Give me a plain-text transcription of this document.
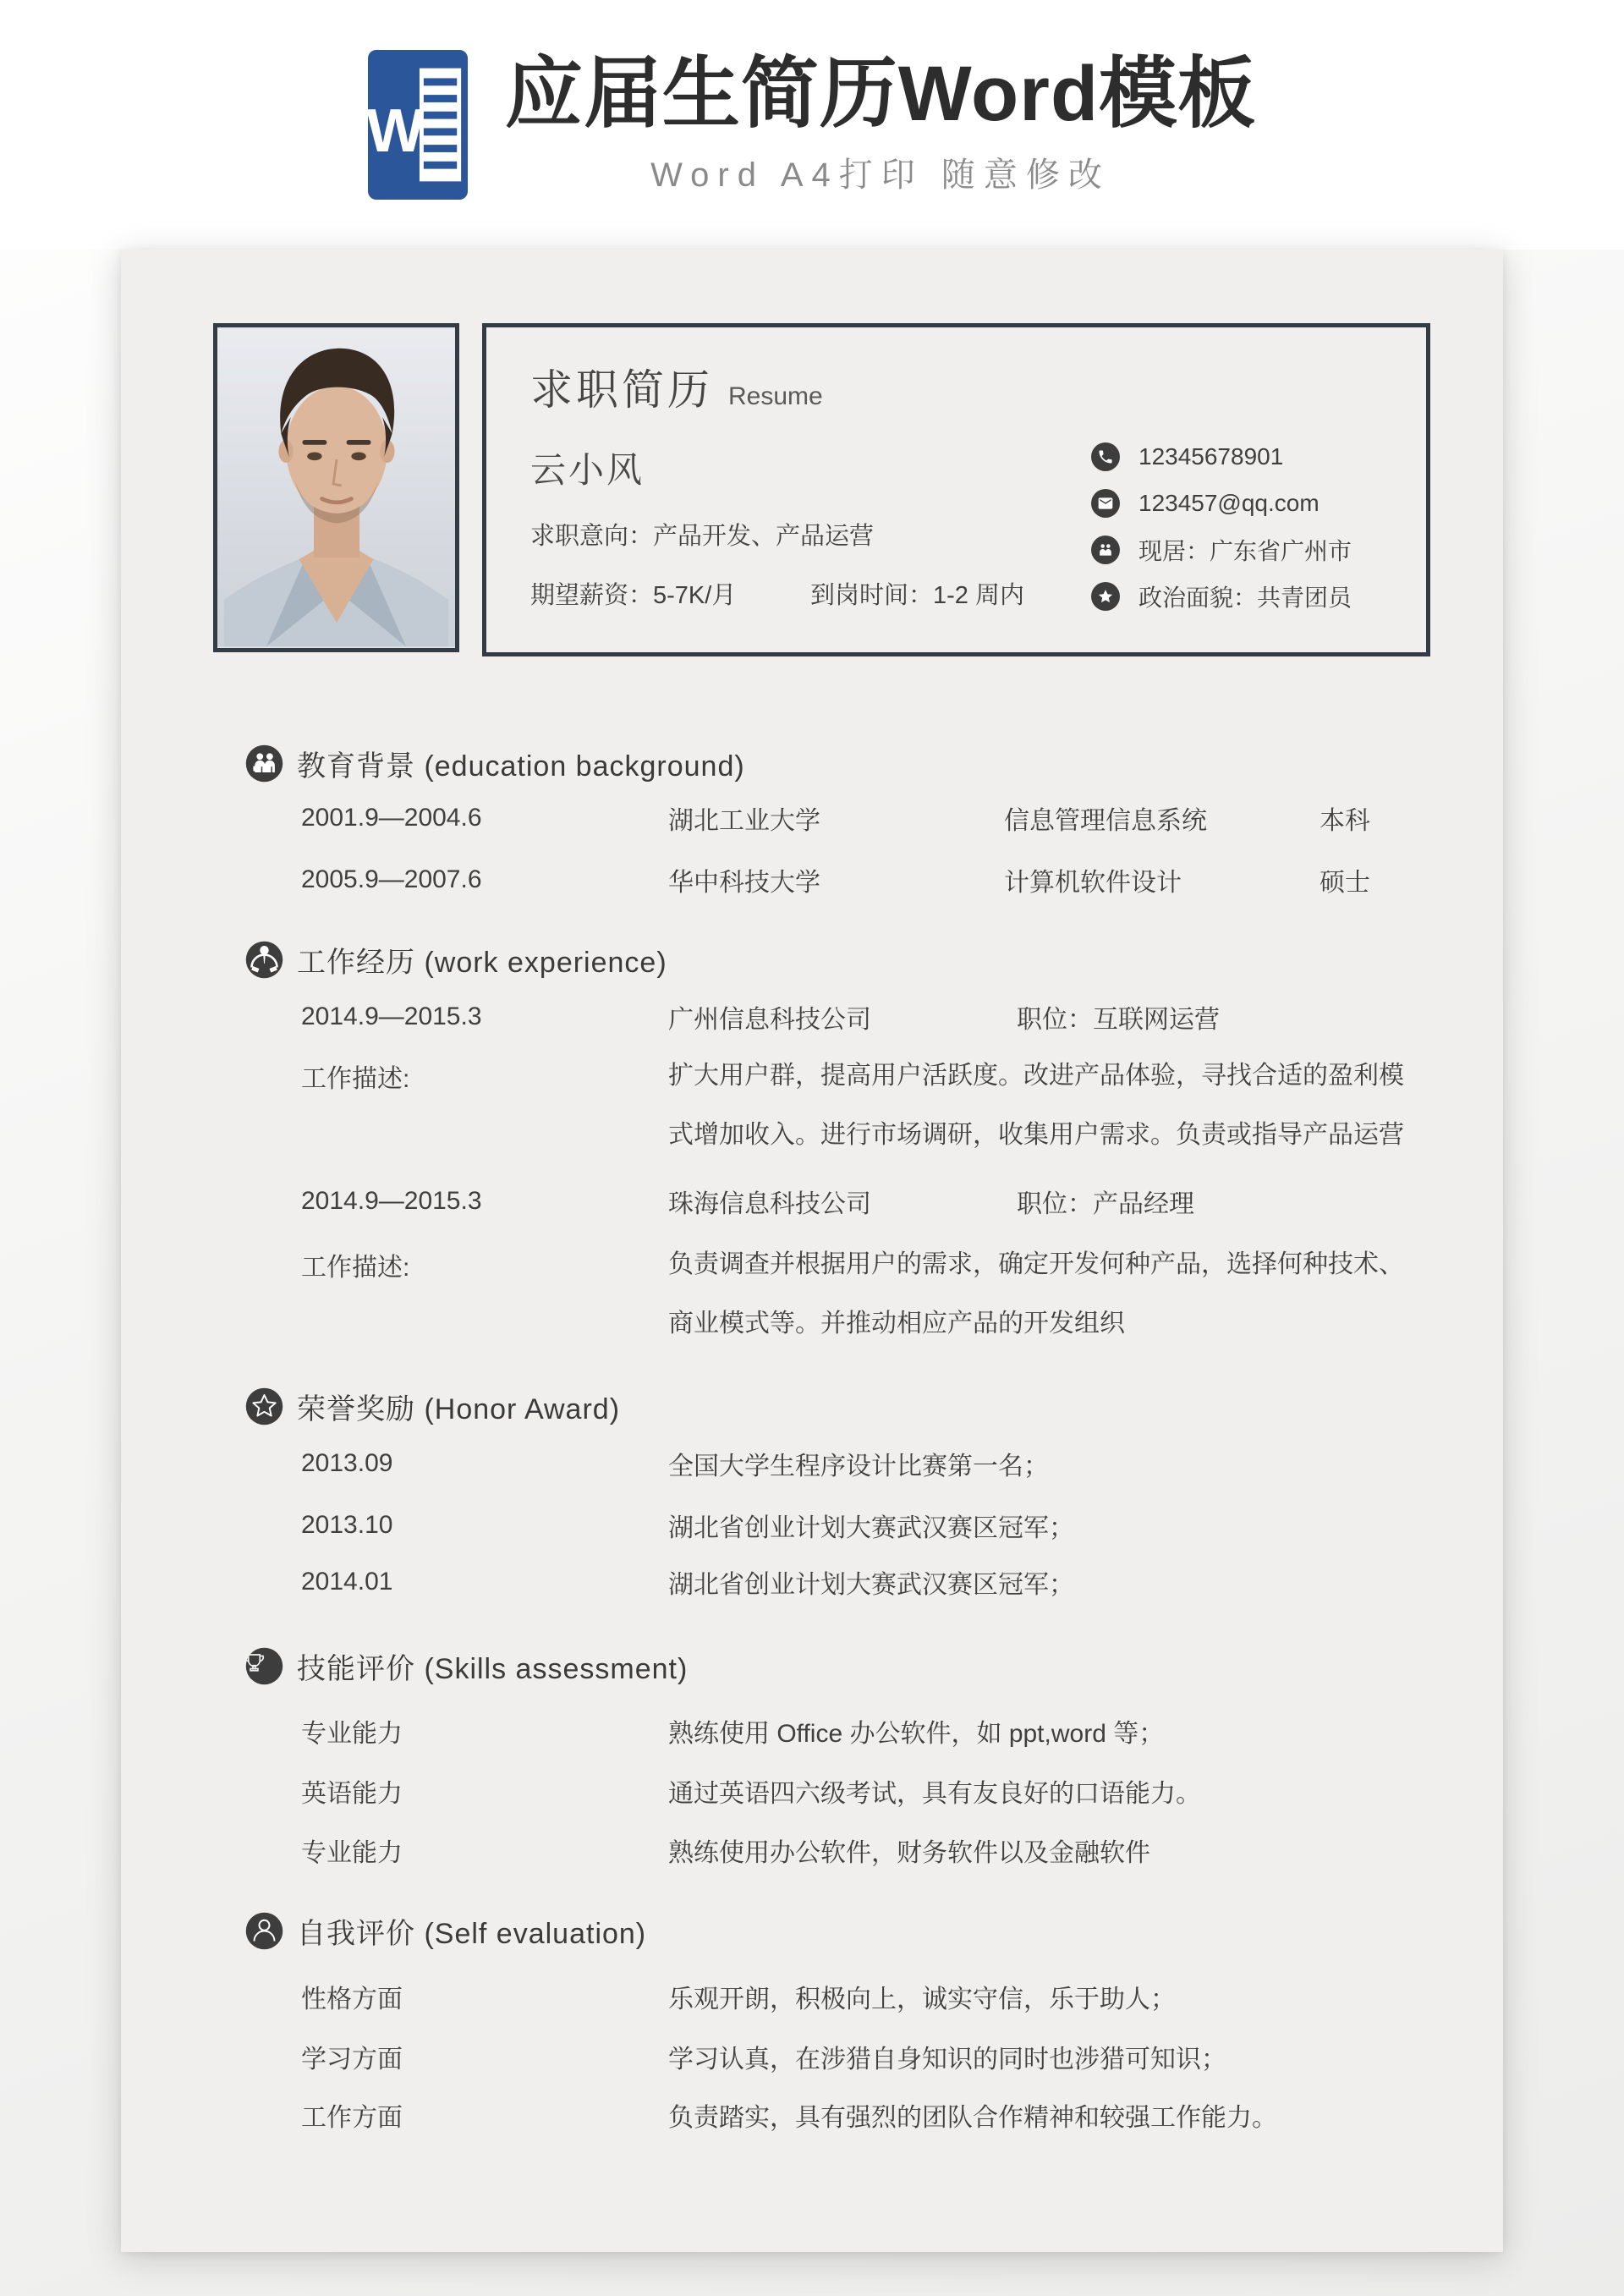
W 应届生简历Word模板
Word A4打印 随意修改
求职简历 Resume
云小风
求职意向：产品开发、产品运营
期望薪资：5-7K/月	到岗时间：1-2 周内
12345678901
123457@qq.com
现居：广东省广州市
政治面貌：共青团员
教育背景 (education background)
2001.9—2004.6	湖北工业大学	信息管理信息系统	本科
2005.9—2007.6	华中科技大学	计算机软件设计	硕士
工作经历 (work experience)
2014.9—2015.3	广州信息科技公司	职位：互联网运营
工作描述:	扩大用户群，提高用户活跃度。改进产品体验，寻找合适的盈利模式增加收入。进行市场调研，收集用户需求。负责或指导产品运营
2014.9—2015.3	珠海信息科技公司	职位：产品经理
工作描述:	负责调查并根据用户的需求，确定开发何种产品，选择何种技术、商业模式等。并推动相应产品的开发组织
荣誉奖励 (Honor Award)
2013.09	全国大学生程序设计比赛第一名；
2013.10	湖北省创业计划大赛武汉赛区冠军；
2014.01	湖北省创业计划大赛武汉赛区冠军；
技能评价 (Skills assessment)
专业能力	熟练使用 Office 办公软件，如 ppt,word 等；
英语能力	通过英语四六级考试，具有友良好的口语能力。
专业能力	熟练使用办公软件，财务软件以及金融软件
自我评价 (Self evaluation)
性格方面	乐观开朗，积极向上，诚实守信，乐于助人；
学习方面	学习认真，在涉猎自身知识的同时也涉猎可知识；
工作方面	负责踏实，具有强烈的团队合作精神和较强工作能力。
